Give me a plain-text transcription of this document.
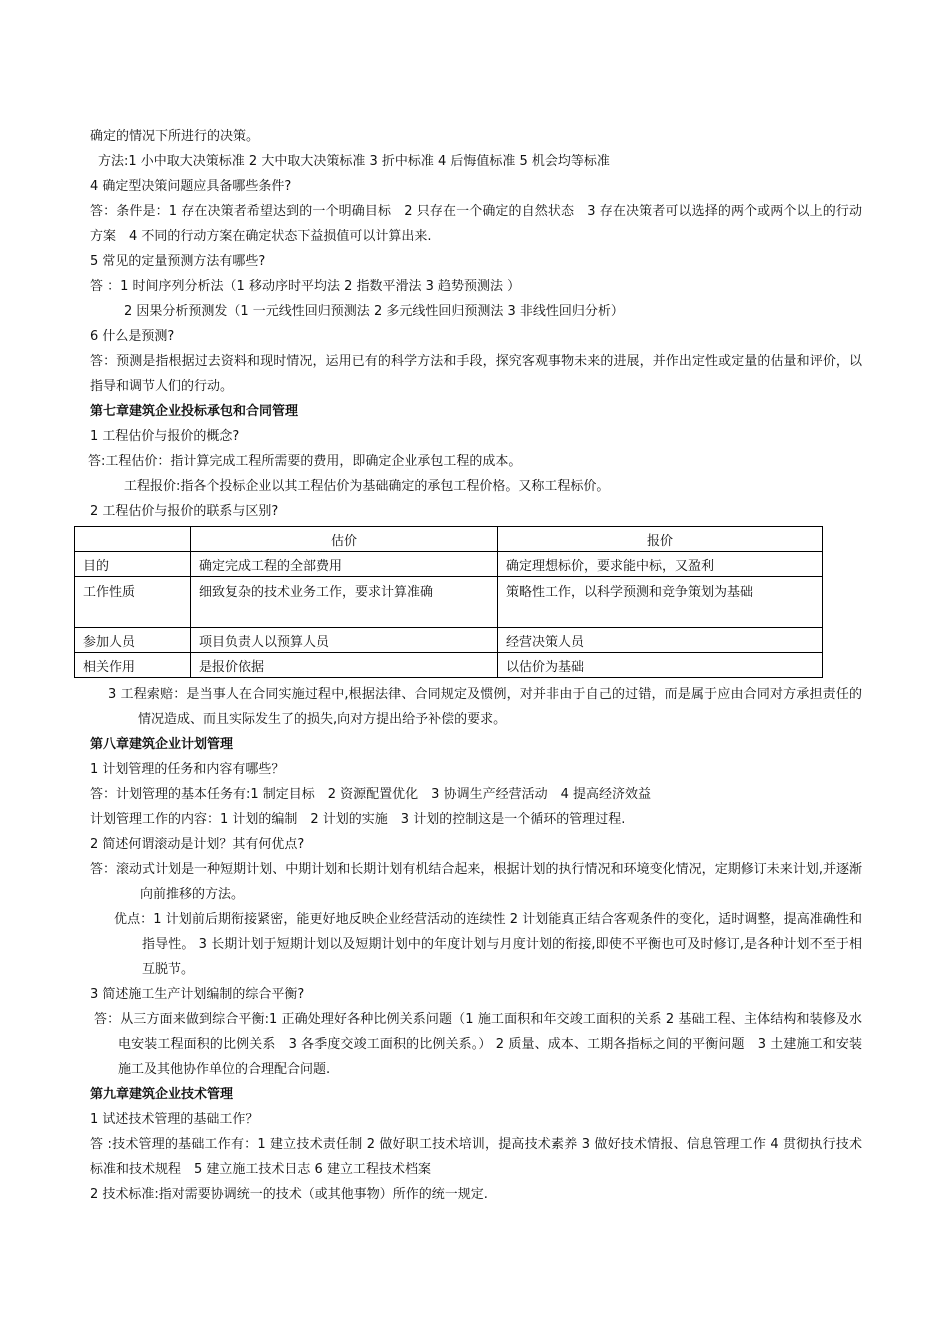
确定的情况下所进行的决策。

方法:1 小中取大决策标准 2 大中取大决策标准 3 折中标准 4 后悔值标准 5 机会均等标准

4 确定型决策问题应具备哪些条件?

答：条件是：1 存在决策者希望达到的一个明确目标　2 只存在一个确定的自然状态　3 存在决策者可以选择的两个或两个以上的行动方案　4 不同的行动方案在确定状态下益损值可以计算出来.

5 常见的定量预测方法有哪些?

答 ：1 时间序列分析法（1 移动序时平均法 2 指数平滑法 3 趋势预测法 ）

2 因果分析预测发（1 一元线性回归预测法 2 多元线性回归预测法 3 非线性回归分析）

6 什么是预测?

答：预测是指根据过去资料和现时情况，运用已有的科学方法和手段，探究客观事物未来的进展，并作出定性或定量的估量和评价，以指导和调节人们的行动。

第七章建筑企业投标承包和合同管理

1 工程估价与报价的概念?

答:工程估价：指计算完成工程所需要的费用，即确定企业承包工程的成本。

工程报价:指各个投标企业以其工程估价为基础确定的承包工程价格。又称工程标价。

2 工程估价与报价的联系与区别?

	估价	报价
目的	确定完成工程的全部费用	确定理想标价，要求能中标，又盈利
工作性质	细致复杂的技术业务工作，要求计算准确	策略性工作，以科学预测和竞争策划为基础
参加人员	项目负责人以预算人员	经营决策人员
相关作用	是报价依据	以估价为基础

3 工程索赔：是当事人在合同实施过程中,根据法律、合同规定及惯例，对并非由于自己的过错，而是属于应由合同对方承担责任的情况造成、而且实际发生了的损失,向对方提出给予补偿的要求。

第八章建筑企业计划管理

1 计划管理的任务和内容有哪些？

答：计划管理的基本任务有:1 制定目标　2 资源配置优化　3 协调生产经营活动　4 提高经济效益

计划管理工作的内容：1 计划的编制　2 计划的实施　3 计划的控制这是一个循环的管理过程.

2 简述何谓滚动是计划？其有何优点?

答：滚动式计划是一种短期计划、中期计划和长期计划有机结合起来，根据计划的执行情况和环境变化情况，定期修订未来计划,并逐渐向前推移的方法。

优点：1 计划前后期衔接紧密，能更好地反映企业经营活动的连续性 2 计划能真正结合客观条件的变化，适时调整，提高准确性和指导性。 3 长期计划于短期计划以及短期计划中的年度计划与月度计划的衔接,即使不平衡也可及时修订,是各种计划不至于相互脱节。

3 简述施工生产计划编制的综合平衡?

答：从三方面来做到综合平衡:1 正确处理好各种比例关系问题（1 施工面积和年交竣工面积的关系 2 基础工程、主体结构和装修及水电安装工程面积的比例关系　3 各季度交竣工面积的比例关系。） 2 质量、成本、工期各指标之间的平衡问题　3 土建施工和安装施工及其他协作单位的合理配合问题.

第九章建筑企业技术管理

1 试述技术管理的基础工作？

答 :技术管理的基础工作有：1 建立技术责任制 2 做好职工技术培训，提高技术素养 3 做好技术情报、信息管理工作 4 贯彻执行技术标准和技术规程　5 建立施工技术日志 6 建立工程技术档案

2 技术标准:指对需要协调统一的技术（或其他事物）所作的统一规定.
